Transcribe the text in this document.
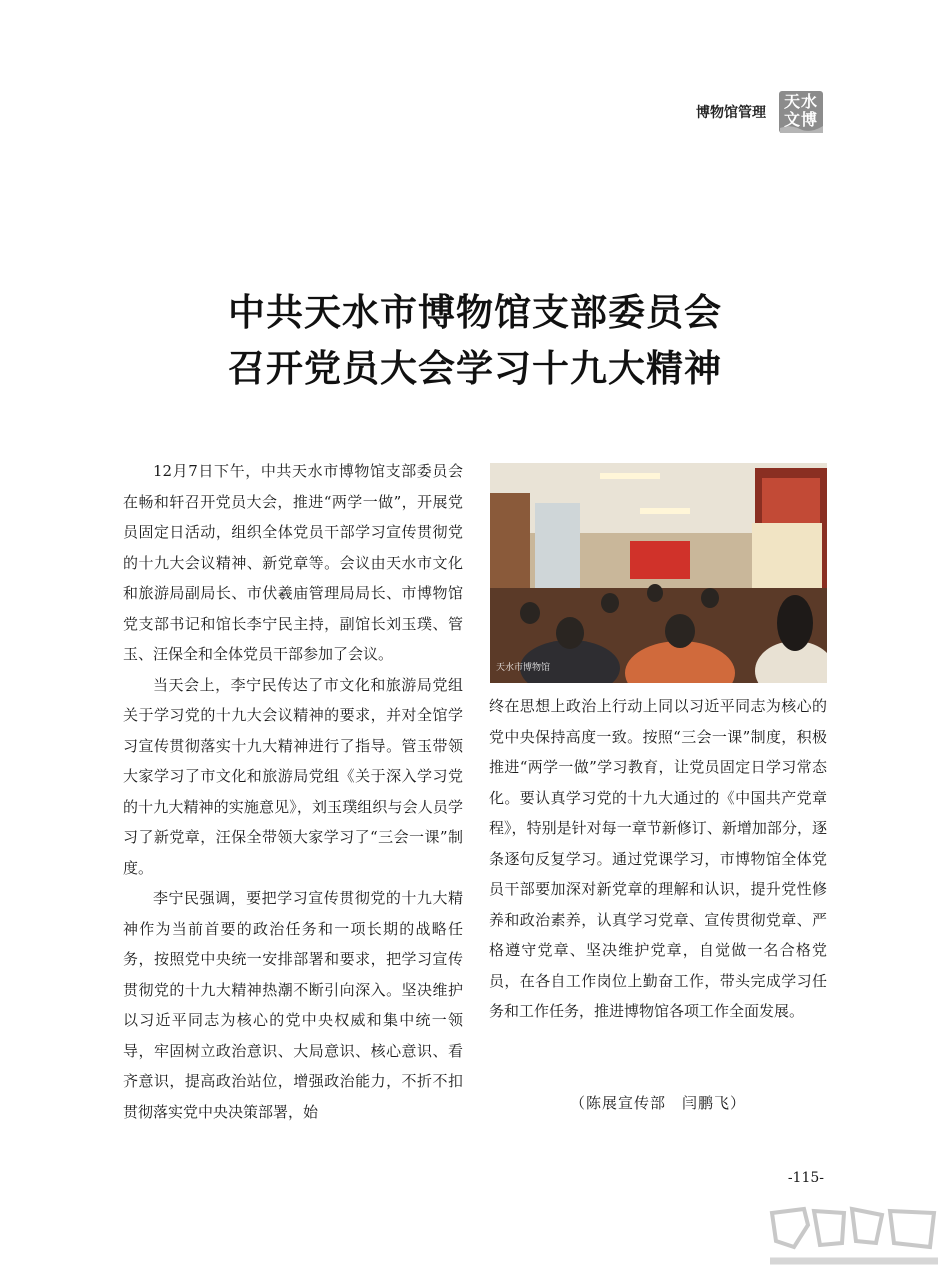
博物馆管理
天水文博
中共天水市博物馆支部委员会
召开党员大会学习十九大精神

12月7日下午，中共天水市博物馆支部委员会在畅和轩召开党员大会，推进“两学一做”，开展党员固定日活动，组织全体党员干部学习宣传贯彻党的十九大会议精神、新党章等。会议由天水市文化和旅游局副局长、市伏羲庙管理局局长、市博物馆党支部书记和馆长李宁民主持，副馆长刘玉璞、管玉、汪保全和全体党员干部参加了会议。

当天会上，李宁民传达了市文化和旅游局党组关于学习党的十九大会议精神的要求，并对全馆学习宣传贯彻落实十九大精神进行了指导。管玉带领大家学习了市文化和旅游局党组《关于深入学习党的十九大精神的实施意见》，刘玉璞组织与会人员学习了新党章，汪保全带领大家学习了“三会一课”制度。

李宁民强调，要把学习宣传贯彻党的十九大精神作为当前首要的政治任务和一项长期的战略任务，按照党中央统一安排部署和要求，把学习宣传贯彻党的十九大精神热潮不断引向深入。坚决维护以习近平同志为核心的党中央权威和集中统一领导，牢固树立政治意识、大局意识、核心意识、看齐意识，提高政治站位，增强政治能力，不折不扣贯彻落实党中央决策部署，始

天水市博物馆

终在思想上政治上行动上同以习近平同志为核心的党中央保持高度一致。按照“三会一课”制度，积极推进“两学一做”学习教育，让党员固定日学习常态化。要认真学习党的十九大通过的《中国共产党章程》，特别是针对每一章节新修订、新增加部分，逐条逐句反复学习。通过党课学习，市博物馆全体党员干部要加深对新党章的理解和认识，提升党性修养和政治素养，认真学习党章、宣传贯彻党章、严格遵守党章、坚决维护党章，自觉做一名合格党员，在各自工作岗位上勤奋工作，带头完成学习任务和工作任务，推进博物馆各项工作全面发展。

（陈展宣传部　闫鹏飞）
-115-
